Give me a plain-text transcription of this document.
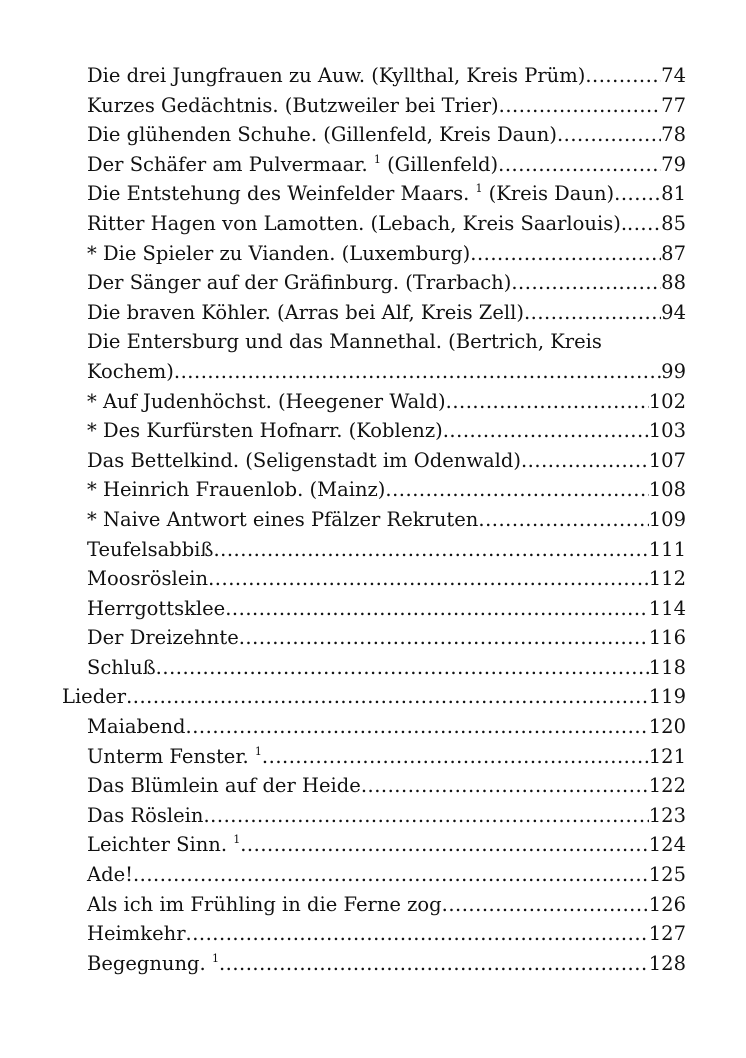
Die drei Jungfrauen zu Auw. (Kyllthal, Kreis Prüm) .....	74
Kurzes Gedächtnis. (Butzweiler bei Trier) .....	77
Die glühenden Schuhe. (Gillenfeld, Kreis Daun) .....	78
Der Schäfer am Pulvermaar. $^1$ (Gillenfeld) .....	79
Die Entstehung des Weinfelder Maars. $^1$ (Kreis Daun) ..... 81
Ritter Hagen von Lamotten. (Lebach, Kreis Saarlouis). ..... 85
* Die Spieler zu Vianden. (Luxemburg) .....	87
Der Sänger auf der Gräfinburg. (Trarbach) .....	88
Die braven Köhler. (Arras bei Alf, Kreis Zell) .....	94
Die Entersburg und das Mannethal. (Bertrich, Kreis
Kochem) .....	99
* Auf Judenhöchst. (Heegener Wald) .....	102
* Des Kurfürsten Hofnarr. (Koblenz) .....	103
Das Bettelkind. (Seligenstadt im Odenwald) .....	107
* Heinrich Frauenlob. (Mainz) .....	108
* Naive Antwort eines Pfälzer Rekruten .....	109
Teufelsabbiß .....	111
Moosröslein .....	112
Herrgottsklee .....	114
Der Dreizehnte .....	116
Schluß .....	118
Lieder .....	119
Maiabend .....	120
Unterm Fenster. $^1$ .....	121
Das Blümlein auf der Heide .....	122
Das Röslein .....	123
Leichter Sinn. $^1$ .....	124
Ade! .....	125
Als ich im Frühling in die Ferne zog .....	126
Heimkehr .....	127
Begegnung. $^1$ .....	128
